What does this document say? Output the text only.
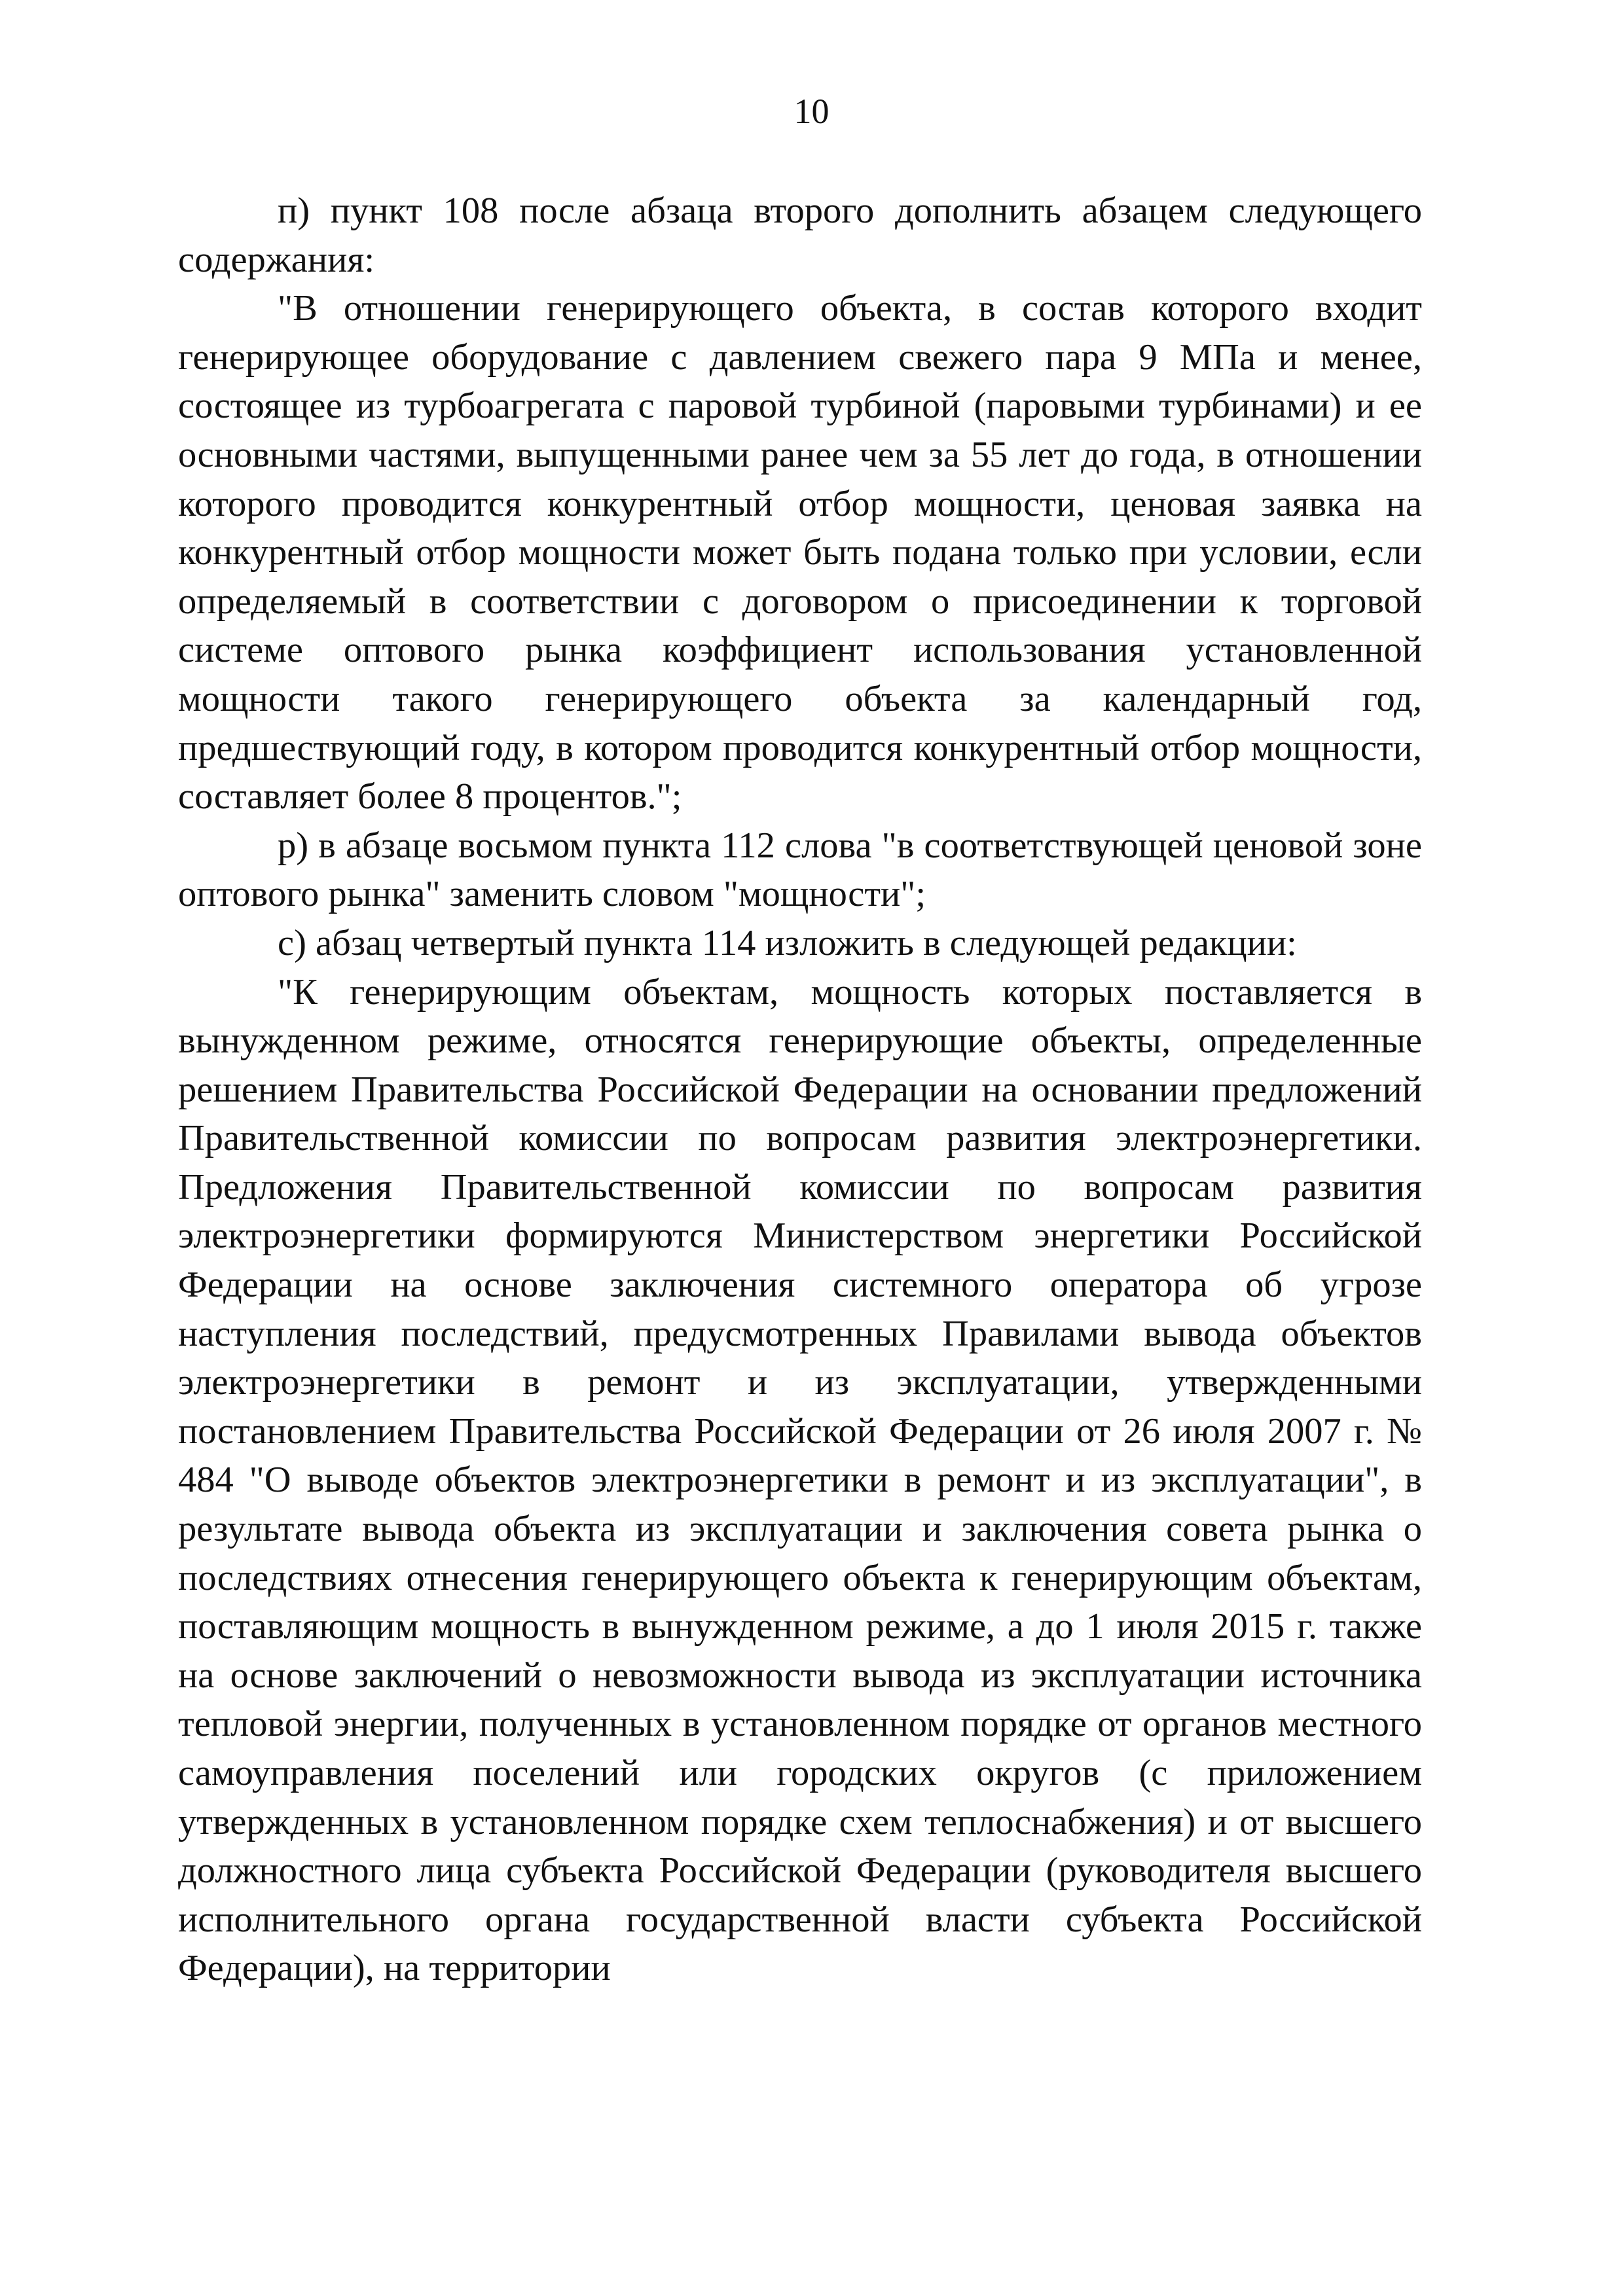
10

п) пункт 108 после абзаца второго дополнить абзацем следующего содержания:

"В отношении генерирующего объекта, в состав которого входит генерирующее оборудование с давлением свежего пара 9 МПа и менее, состоящее из турбоагрегата с паровой турбиной (паровыми турбинами) и ее основными частями, выпущенными ранее чем за 55 лет до года, в отношении которого проводится конкурентный отбор мощности, ценовая заявка на конкурентный отбор мощности может быть подана только при условии, если определяемый в соответствии с договором о присоединении к торговой системе оптового рынка коэффициент использования установленной мощности такого генерирующего объекта за календарный год, предшествующий году, в котором проводится конкурентный отбор мощности, составляет более 8 процентов.";

р) в абзаце восьмом пункта 112 слова "в соответствующей ценовой зоне оптового рынка" заменить словом "мощности";

с) абзац четвертый пункта 114 изложить в следующей редакции:

"К генерирующим объектам, мощность которых поставляется в вынужденном режиме, относятся генерирующие объекты, определенные решением Правительства Российской Федерации на основании предложений Правительственной комиссии по вопросам развития электроэнергетики. Предложения Правительственной комиссии по вопросам развития электроэнергетики формируются Министерством энергетики Российской Федерации на основе заключения системного оператора об угрозе наступления последствий, предусмотренных Правилами вывода объектов электроэнергетики в ремонт и из эксплуатации, утвержденными постановлением Правительства Российской Федерации от 26 июля 2007 г. № 484 "О выводе объектов электроэнергетики в ремонт и из эксплуатации", в результате вывода объекта из эксплуатации и заключения совета рынка о последствиях отнесения генерирующего объекта к генерирующим объектам, поставляющим мощность в вынужденном режиме, а до 1 июля 2015 г. также на основе заключений о невозможности вывода из эксплуатации источника тепловой энергии, полученных в установленном порядке от органов местного самоуправления поселений или городских округов (с приложением утвержденных в установленном порядке схем теплоснабжения) и от высшего должностного лица субъекта Российской Федерации (руководителя высшего исполнительного органа государственной власти субъекта Российской Федерации), на территории
